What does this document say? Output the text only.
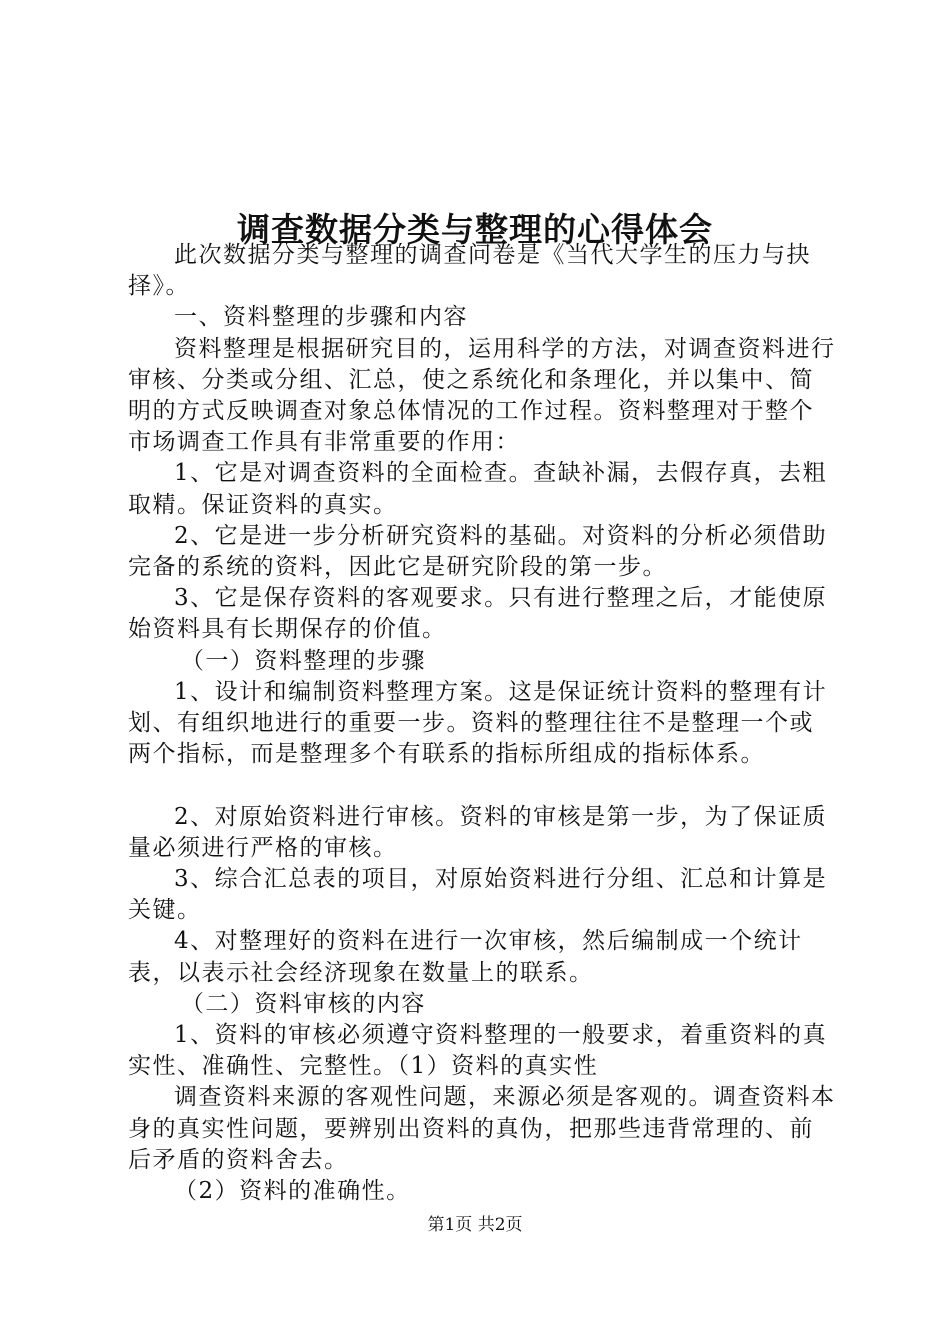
调查数据分类与整理的心得体会

此次数据分类与整理的调查问卷是《当代大学生的压力与抉择》。

一、资料整理的步骤和内容

资料整理是根据研究目的，运用科学的方法，对调查资料进行审核、分类或分组、汇总，使之系统化和条理化，并以集中、简明的方式反映调查对象总体情况的工作过程。资料整理对于整个市场调查工作具有非常重要的作用：

1、它是对调查资料的全面检查。查缺补漏，去假存真，去粗取精。保证资料的真实。

2、它是进一步分析研究资料的基础。对资料的分析必须借助完备的系统的资料，因此它是研究阶段的第一步。

3、它是保存资料的客观要求。只有进行整理之后，才能使原始资料具有长期保存的价值。

（一）资料整理的步骤

1、设计和编制资料整理方案。这是保证统计资料的整理有计划、有组织地进行的重要一步。资料的整理往往不是整理一个或两个指标，而是整理多个有联系的指标所组成的指标体系。

2、对原始资料进行审核。资料的审核是第一步，为了保证质量必须进行严格的审核。

3、综合汇总表的项目，对原始资料进行分组、汇总和计算是关键。

4、对整理好的资料在进行一次审核，然后编制成一个统计表，以表示社会经济现象在数量上的联系。

（二）资料审核的内容

1、资料的审核必须遵守资料整理的一般要求，着重资料的真实性、准确性、完整性。（1）资料的真实性

调查资料来源的客观性问题，来源必须是客观的。调查资料本身的真实性问题，要辨别出资料的真伪，把那些违背常理的、前后矛盾的资料舍去。

（2）资料的准确性。

第1页 共2页
